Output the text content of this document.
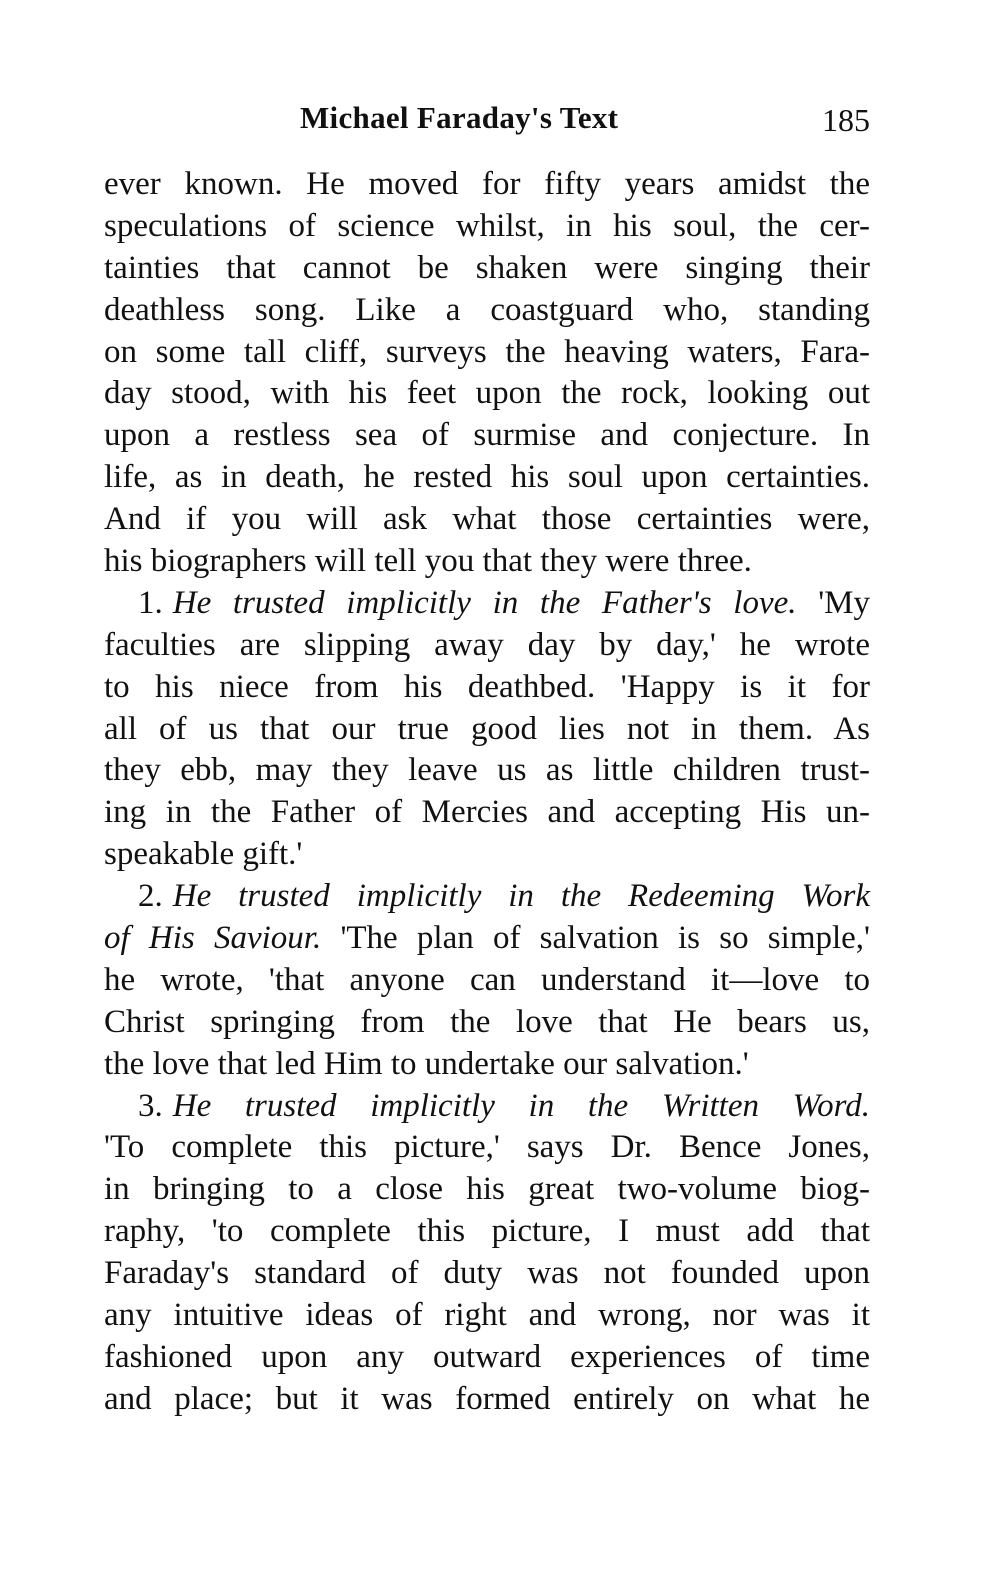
Michael Faraday's Text	185
ever known. He moved for fifty years amidst the
speculations of science whilst, in his soul, the cer-
tainties that cannot be shaken were singing their
deathless song. Like a coastguard who, standing
on some tall cliff, surveys the heaving waters, Fara-
day stood, with his feet upon the rock, looking out
upon a restless sea of surmise and conjecture. In
life, as in death, he rested his soul upon certainties.
And if you will ask what those certainties were,
his biographers will tell you that they were three.
1. He trusted implicitly in the Father's love. 'My
faculties are slipping away day by day,' he wrote
to his niece from his deathbed. 'Happy is it for
all of us that our true good lies not in them. As
they ebb, may they leave us as little children trust-
ing in the Father of Mercies and accepting His un-
speakable gift.'
2. He trusted implicitly in the Redeeming Work
of His Saviour. 'The plan of salvation is so simple,'
he wrote, 'that anyone can understand it—love to
Christ springing from the love that He bears us,
the love that led Him to undertake our salvation.'
3. He trusted implicitly in the Written Word.
'To complete this picture,' says Dr. Bence Jones,
in bringing to a close his great two-volume biog-
raphy, 'to complete this picture, I must add that
Faraday's standard of duty was not founded upon
any intuitive ideas of right and wrong, nor was it
fashioned upon any outward experiences of time
and place; but it was formed entirely on what he
